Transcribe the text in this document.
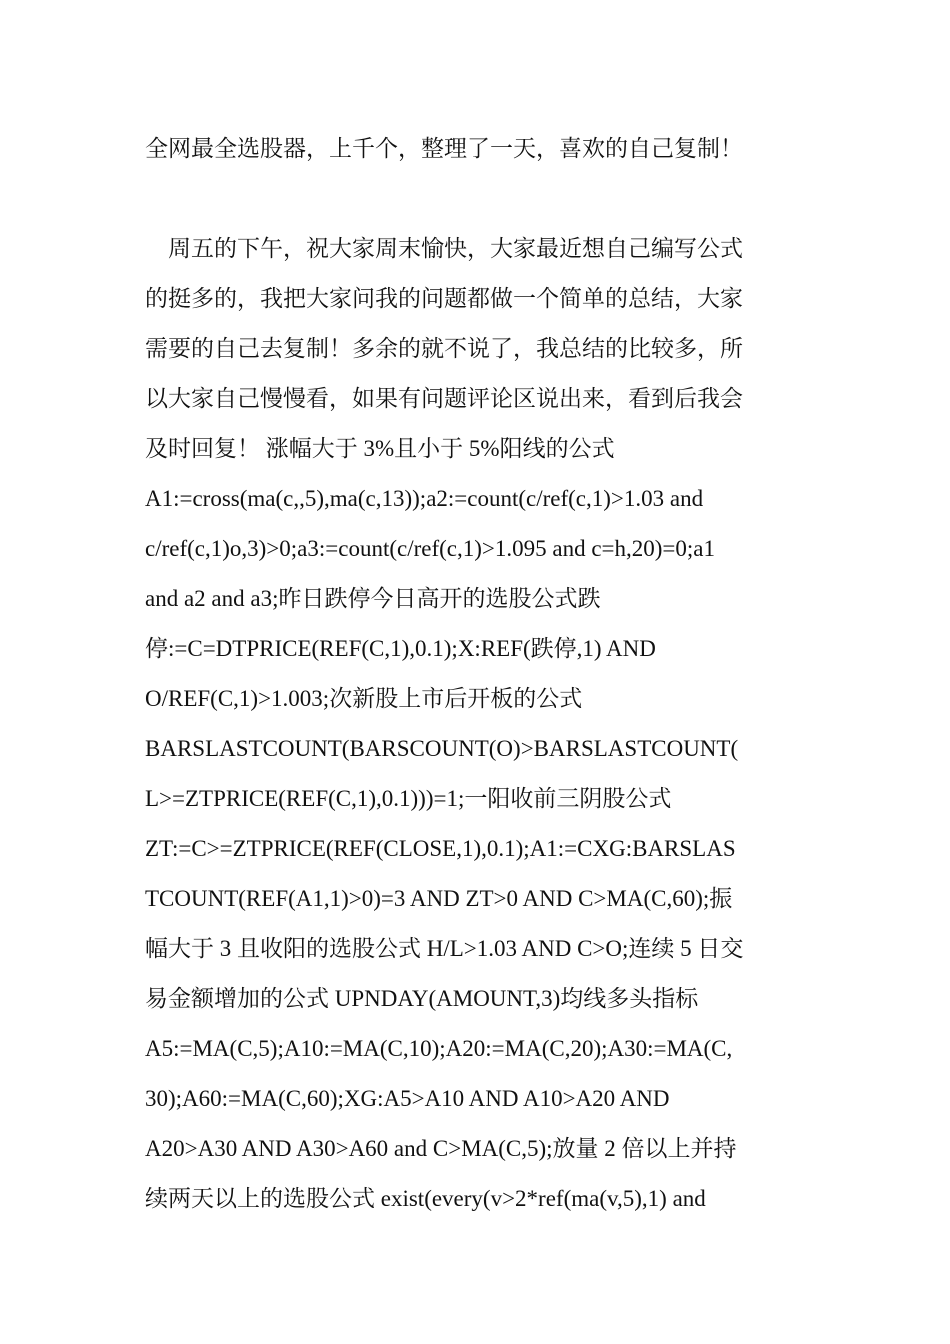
全网最全选股器，上千个，整理了一天，喜欢的自己复制！
　周五的下午，祝大家周末愉快，大家最近想自己编写公式
的挺多的，我把大家问我的问题都做一个简单的总结，大家
需要的自己去复制！多余的就不说了，我总结的比较多，所
以大家自己慢慢看，如果有问题评论区说出来，看到后我会
及时回复！ 涨幅大于 3%且小于 5%阳线的公式
A1:=cross(ma(c,,5),ma(c,13));a2:=count(c/ref(c,1)>1.03 and
c/ref(c,1)o,3)>0;a3:=count(c/ref(c,1)>1.095 and c=h,20)=0;a1
and a2 and a3;昨日跌停今日高开的选股公式跌
停:=C=DTPRICE(REF(C,1),0.1);X:REF(跌停,1) AND
O/REF(C,1)>1.003;次新股上市后开板的公式
BARSLASTCOUNT(BARSCOUNT(O)>BARSLASTCOUNT(
L>=ZTPRICE(REF(C,1),0.1)))=1;一阳收前三阴股公式
ZT:=C>=ZTPRICE(REF(CLOSE,1),0.1);A1:=CXG:BARSLAS
TCOUNT(REF(A1,1)>0)=3 AND ZT>0 AND C>MA(C,60);振
幅大于 3 且收阳的选股公式 H/L>1.03 AND C>O;连续 5 日交
易金额增加的公式 UPNDAY(AMOUNT,3)均线多头指标
A5:=MA(C,5);A10:=MA(C,10);A20:=MA(C,20);A30:=MA(C,
30);A60:=MA(C,60);XG:A5>A10 AND A10>A20 AND
A20>A30 AND A30>A60 and C>MA(C,5);放量 2 倍以上并持
续两天以上的选股公式 exist(every(v>2*ref(ma(v,5),1) and
